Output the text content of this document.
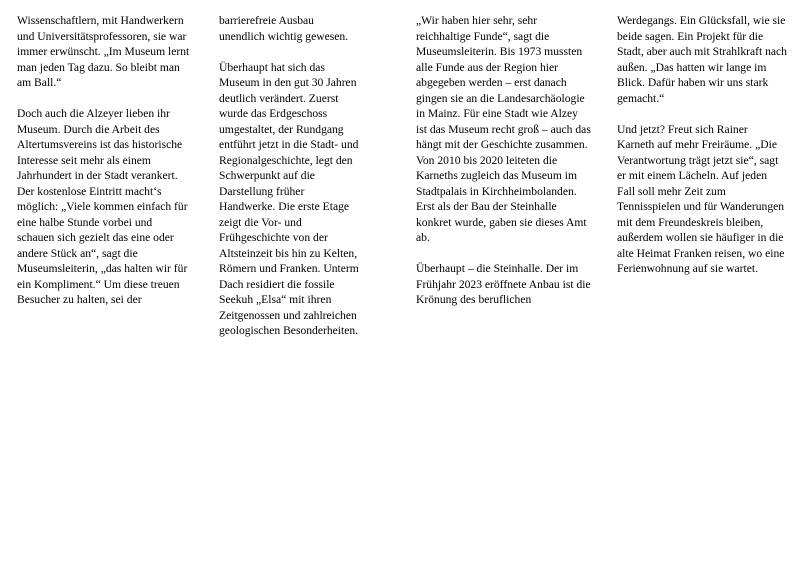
Wissenschaftlern, mit Handwerkern und Universitätsprofessoren, sie war immer erwünscht. „Im Museum lernt man jeden Tag dazu. So bleibt man am Ball.“

Doch auch die Alzeyer lieben ihr Museum. Durch die Arbeit des Altertumsvereins ist das historische Interesse seit mehr als einem Jahrhundert in der Stadt verankert. Der kostenlose Eintritt macht‘s möglich: „Viele kommen einfach für eine halbe Stunde vorbei und schauen sich gezielt das eine oder andere Stück an“, sagt die Museumsleiterin, „das halten wir für ein Kompliment.“ Um diese treuen Besucher zu halten, sei der

barrierefreie Ausbau unendlich wichtig gewesen.

Überhaupt hat sich das Museum in den gut 30 Jahren deutlich verändert. Zuerst wurde das Erdgeschoss umgestaltet, der Rundgang entführt jetzt in die Stadt- und Regionalgeschichte, legt den Schwerpunkt auf die Darstellung früher Handwerke. Die erste Etage zeigt die Vor- und Frühgeschichte von der Altsteinzeit bis hin zu Kelten, Römern und Franken. Unterm Dach residiert die fossile Seekuh „Elsa“ mit ihren Zeitgenossen und zahlreichen geologischen Besonderheiten.

„Wir haben hier sehr, sehr reichhaltige Funde“, sagt die Museumsleiterin. Bis 1973 mussten alle Funde aus der Region hier abgegeben werden – erst danach gingen sie an die Landesarchäologie in Mainz. Für eine Stadt wie Alzey ist das Museum recht groß – auch das hängt mit der Geschichte zusammen. Von 2010 bis 2020 leiteten die Karneths zugleich das Museum im Stadtpalais in Kirchheimbolanden. Erst als der Bau der Steinhalle konkret wurde, gaben sie dieses Amt ab.

Überhaupt – die Steinhalle. Der im Frühjahr 2023 eröffnete Anbau ist die Krönung des beruflichen

Werdegangs. Ein Glücksfall, wie sie beide sagen. Ein Projekt für die Stadt, aber auch mit Strahlkraft nach außen. „Das hatten wir lange im Blick. Dafür haben wir uns stark gemacht.“

Und jetzt? Freut sich Rainer Karneth auf mehr Freiräume. „Die Verantwortung trägt jetzt sie“, sagt er mit einem Lächeln. Auf jeden Fall soll mehr Zeit zum Tennisspielen und für Wanderungen mit dem Freundeskreis bleiben, außerdem wollen sie häufiger in die alte Heimat Franken reisen, wo eine Ferienwohnung auf sie wartet.
